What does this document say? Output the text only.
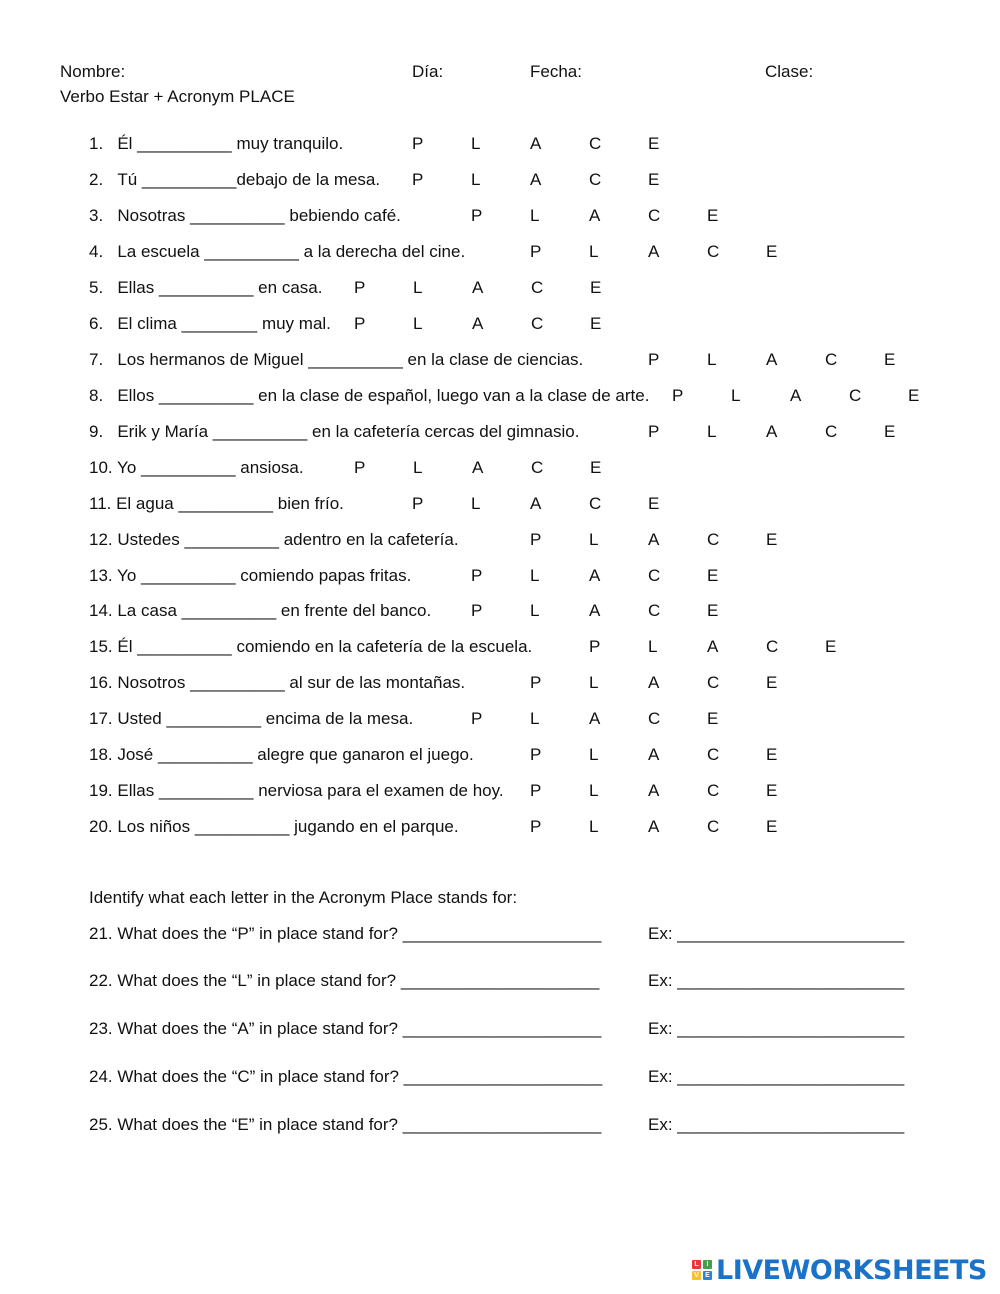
Nombre:	Día:	Fecha:	Clase:
Verbo Estar + Acronym PLACE
1.   Él __________ muy tranquilo.	P	L	A	C	E
2.   Tú __________debajo de la mesa. P	L	A	C	E
3.   Nosotras __________ bebiendo café.	P	L	A	C	E
4.   La escuela __________ a la derecha del cine.	P	L	A	C	E
5.   Ellas __________ en casa. P	L	A	C	E
6.   El clima ________ muy mal. P	L	A	C	E
7.   Los hermanos de Miguel __________ en la clase de ciencias.	P	L	A	C	E
8.   Ellos __________ en la clase de español, luego van a la clase de arte. P	L	A	C	E
9.   Erik y María __________ en la cafetería cercas del gimnasio.	P	L	A	C	E
10. Yo __________ ansiosa.	P	L	A	C	E
11. El agua __________ bien frío.	P	L	A	C	E
12. Ustedes __________ adentro en la cafetería.	P	L	A	C	E
13. Yo __________ comiendo papas fritas.	P	L	A	C	E
14. La casa __________ en frente del banco. P	L	A	C	E
15. Él __________ comiendo en la cafetería de la escuela.	P	L	A	C	E
16. Nosotros __________ al sur de las montañas.	P	L	A	C	E
17. Usted __________ encima de la mesa.	P	L	A	C	E
18. José __________ alegre que ganaron el juego.	P	L	A	C	E
19. Ellas __________ nerviosa para el examen de hoy. P	L	A	C	E
20. Los niños __________ jugando en el parque.	P	L	A	C	E
Identify what each letter in the Acronym Place stands for:
21. What does the “P” in place stand for? _____________________	Ex: ________________________
22. What does the “L” in place stand for? _____________________	Ex: ________________________
23. What does the “A” in place stand for? _____________________	Ex: ________________________
24. What does the “C” in place stand for? _____________________	Ex: ________________________
25. What does the “E” in place stand for? _____________________	Ex: ________________________
L	I
V E LIVEWORKSHEETS
